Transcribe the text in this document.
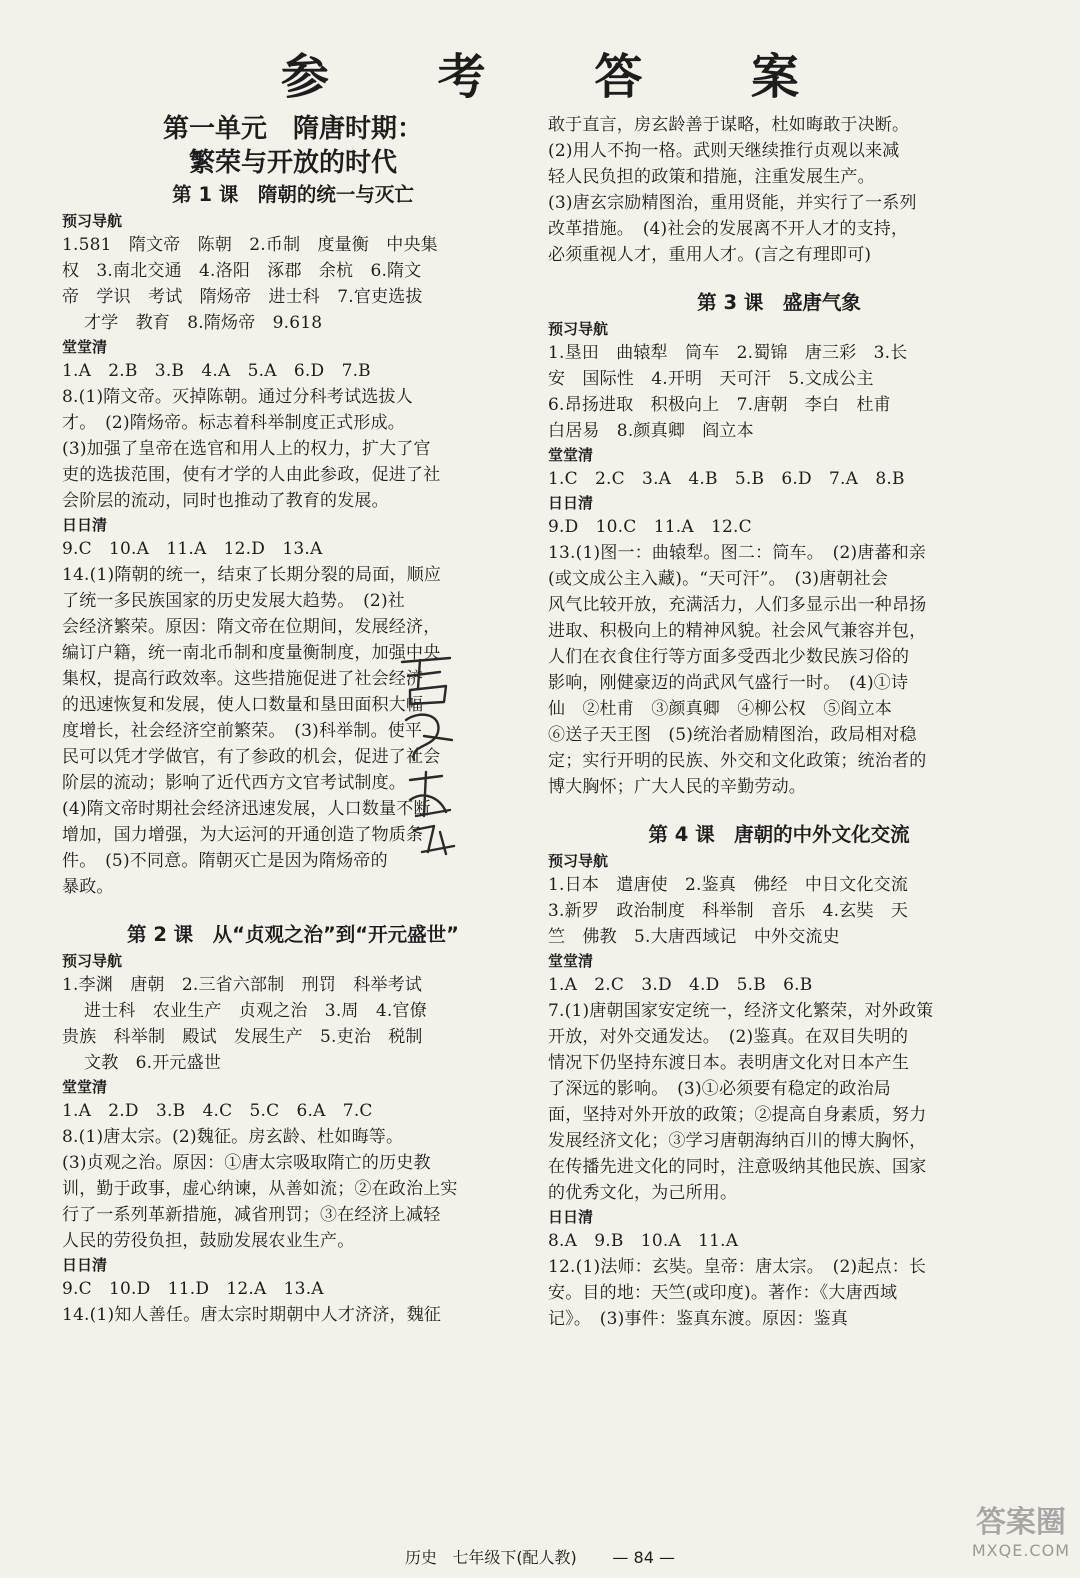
参 考 答 案

第一单元　隋唐时期：

繁荣与开放的时代

第 1 课　隋朝的统一与灭亡

预习导航

1.581　隋文帝　陈朝　2.币制　度量衡　中央集

权　3.南北交通　4.洛阳　涿郡　余杭　6.隋文

帝　学识　考试　隋炀帝　进士科　7.官吏选拔

才学　教育　8.隋炀帝　9.618

堂堂清

1.A　2.B　3.B　4.A　5.A　6.D　7.B

8.(1)隋文帝。灭掉陈朝。通过分科考试选拔人

才。　(2)隋炀帝。标志着科举制度正式形成。

(3)加强了皇帝在选官和用人上的权力，扩大了官

吏的选拔范围，使有才学的人由此参政，促进了社

会阶层的流动，同时也推动了教育的发展。

日日清

9.C　10.A　11.A　12.D　13.A

14.(1)隋朝的统一，结束了长期分裂的局面，顺应

了统一多民族国家的历史发展大趋势。　(2)社

会经济繁荣。原因：隋文帝在位期间，发展经济，

编订户籍，统一南北币制和度量衡制度，加强中央

集权，提高行政效率。这些措施促进了社会经济

的迅速恢复和发展，使人口数量和垦田面积大幅

度增长，社会经济空前繁荣。　(3)科举制。使平

民可以凭才学做官，有了参政的机会，促进了社会

阶层的流动；影响了近代西方文官考试制度。

(4)隋文帝时期社会经济迅速发展，人口数量不断

增加，国力增强，为大运河的开通创造了物质条

件。　(5)不同意。隋朝灭亡是因为隋炀帝的

暴政。

第 2 课　从“贞观之治”到“开元盛世”

预习导航

1.李渊　唐朝　2.三省六部制　刑罚　科举考试

进士科　农业生产　贞观之治　3.周　4.官僚

贵族　科举制　殿试　发展生产　5.吏治　税制

文教　6.开元盛世

堂堂清

1.A　2.D　3.B　4.C　5.C　6.A　7.C

8.(1)唐太宗。(2)魏征。房玄龄、杜如晦等。

(3)贞观之治。原因：①唐太宗吸取隋亡的历史教

训，勤于政事，虚心纳谏，从善如流；②在政治上实

行了一系列革新措施，减省刑罚；③在经济上减轻

人民的劳役负担，鼓励发展农业生产。

日日清

9.C　10.D　11.D　12.A　13.A

14.(1)知人善任。唐太宗时期朝中人才济济，魏征

敢于直言，房玄龄善于谋略，杜如晦敢于决断。

(2)用人不拘一格。武则天继续推行贞观以来减

轻人民负担的政策和措施，注重发展生产。

(3)唐玄宗励精图治，重用贤能，并实行了一系列

改革措施。　(4)社会的发展离不开人才的支持，

必须重视人才，重用人才。(言之有理即可)

第 3 课　盛唐气象

预习导航

1.垦田　曲辕犁　筒车　2.蜀锦　唐三彩　3.长

安　国际性　4.开明　天可汗　5.文成公主

6.昂扬进取　积极向上　7.唐朝　李白　杜甫

白居易　8.颜真卿　阎立本

堂堂清

1.C　2.C　3.A　4.B　5.B　6.D　7.A　8.B

日日清

9.D　10.C　11.A　12.C

13.(1)图一：曲辕犁。图二：筒车。　(2)唐蕃和亲

(或文成公主入藏)。“天可汗”。　(3)唐朝社会

风气比较开放，充满活力，人们多显示出一种昂扬

进取、积极向上的精神风貌。社会风气兼容并包，

人们在衣食住行等方面多受西北少数民族习俗的

影响，刚健豪迈的尚武风气盛行一时。　(4)①诗

仙　②杜甫　③颜真卿　④柳公权　⑤阎立本

⑥送子天王图　(5)统治者励精图治，政局相对稳

定；实行开明的民族、外交和文化政策；统治者的

博大胸怀；广大人民的辛勤劳动。

第 4 课　唐朝的中外文化交流

预习导航

1.日本　遣唐使　2.鉴真　佛经　中日文化交流

3.新罗　政治制度　科举制　音乐　4.玄奘　天

竺　佛教　5.大唐西域记　中外交流史

堂堂清

1.A　2.C　3.D　4.D　5.B　6.B

7.(1)唐朝国家安定统一，经济文化繁荣，对外政策

开放，对外交通发达。　(2)鉴真。在双目失明的

情况下仍坚持东渡日本。表明唐文化对日本产生

了深远的影响。　(3)①必须要有稳定的政治局

面，坚持对外开放的政策；②提高自身素质，努力

发展经济文化；③学习唐朝海纳百川的博大胸怀，

在传播先进文化的同时，注意吸纳其他民族、国家

的优秀文化，为己所用。

日日清

8.A　9.B　10.A　11.A

12.(1)法师：玄奘。皇帝：唐太宗。　(2)起点：长

安。目的地：天竺(或印度)。著作：《大唐西域

记》。　(3)事件：鉴真东渡。原因：鉴真

历史 七年级下(配人教) — 84 —
答案圈
MXQE.COM
